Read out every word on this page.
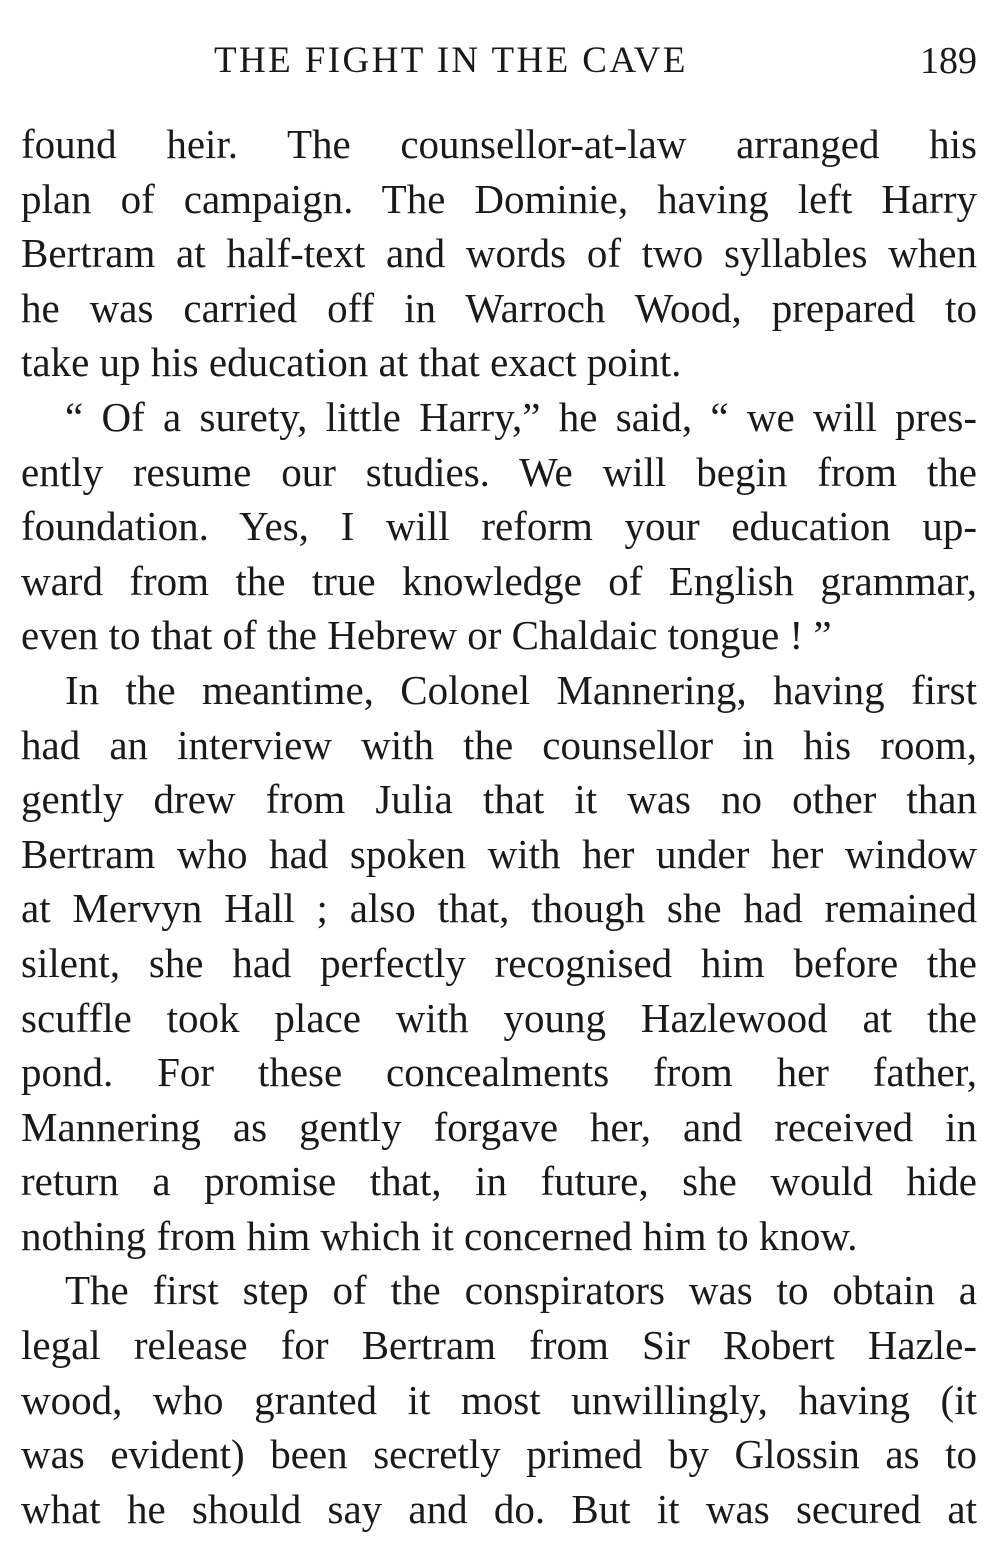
THE FIGHT IN THE CAVE	189
found heir. The counsellor-at-law arranged his
plan of campaign. The Dominie, having left Harry
Bertram at half-text and words of two syllables when
he was carried off in Warroch Wood, prepared to
take up his education at that exact point.
“ Of a surety, little Harry,” he said, “ we will pres-
ently resume our studies. We will begin from the
foundation. Yes, I will reform your education up-
ward from the true knowledge of English grammar,
even to that of the Hebrew or Chaldaic tongue ! ”
In the meantime, Colonel Mannering, having first
had an interview with the counsellor in his room,
gently drew from Julia that it was no other than
Bertram who had spoken with her under her window
at Mervyn Hall ; also that, though she had remained
silent, she had perfectly recognised him before the
scuffle took place with young Hazlewood at the
pond. For these concealments from her father,
Mannering as gently forgave her, and received in
return a promise that, in future, she would hide
nothing from him which it concerned him to know.
The first step of the conspirators was to obtain a
legal release for Bertram from Sir Robert Hazle-
wood, who granted it most unwillingly, having (it
was evident) been secretly primed by Glossin as to
what he should say and do. But it was secured at
